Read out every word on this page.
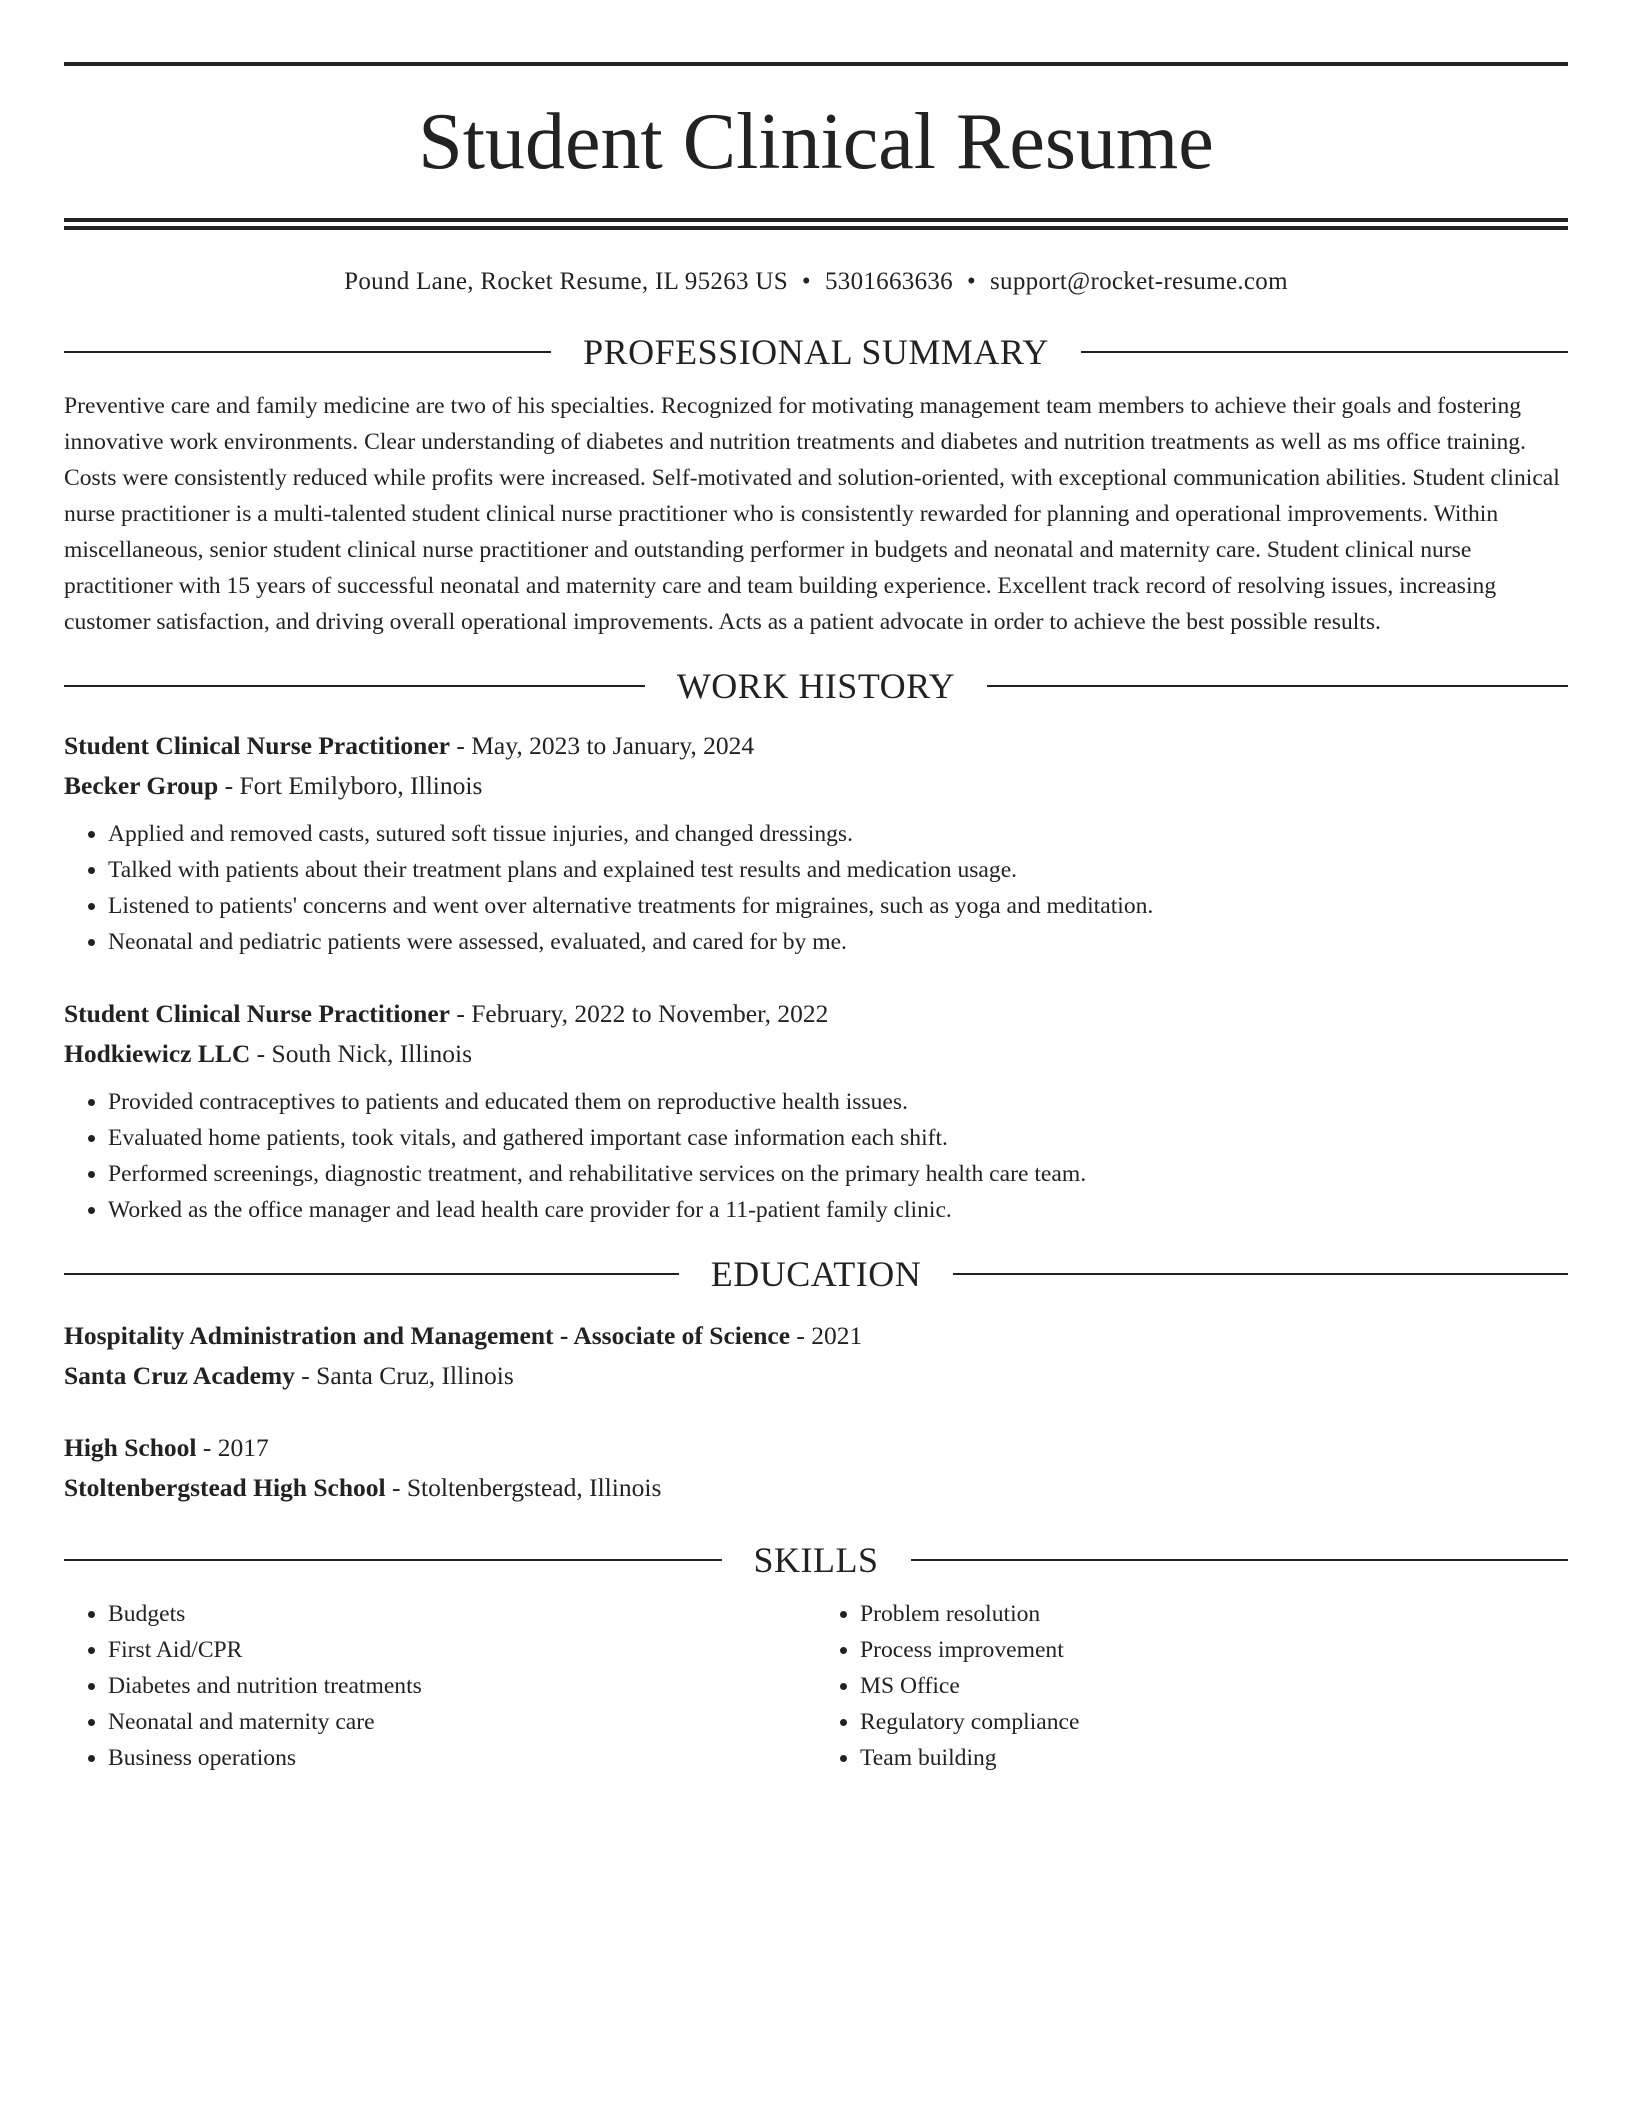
Student Clinical Resume
Pound Lane, Rocket Resume, IL 95263 US • 5301663636 • support@rocket-resume.com
PROFESSIONAL SUMMARY

Preventive care and family medicine are two of his specialties. Recognized for motivating management team members to achieve their goals and fostering innovative work environments. Clear understanding of diabetes and nutrition treatments and diabetes and nutrition treatments as well as ms office training. Costs were consistently reduced while profits were increased. Self-motivated and solution-oriented, with exceptional communication abilities. Student clinical nurse practitioner is a multi-talented student clinical nurse practitioner who is consistently rewarded for planning and operational improvements. Within miscellaneous, senior student clinical nurse practitioner and outstanding performer in budgets and neonatal and maternity care. Student clinical nurse practitioner with 15 years of successful neonatal and maternity care and team building experience. Excellent track record of resolving issues, increasing customer satisfaction, and driving overall operational improvements. Acts as a patient advocate in order to achieve the best possible results.

WORK HISTORY
Student Clinical Nurse Practitioner - May, 2023 to January, 2024
Becker Group - Fort Emilyboro, Illinois
• Applied and removed casts, sutured soft tissue injuries, and changed dressings.
• Talked with patients about their treatment plans and explained test results and medication usage.
• Listened to patients' concerns and went over alternative treatments for migraines, such as yoga and meditation.
• Neonatal and pediatric patients were assessed, evaluated, and cared for by me.
Student Clinical Nurse Practitioner - February, 2022 to November, 2022
Hodkiewicz LLC - South Nick, Illinois
• Provided contraceptives to patients and educated them on reproductive health issues.
• Evaluated home patients, took vitals, and gathered important case information each shift.
• Performed screenings, diagnostic treatment, and rehabilitative services on the primary health care team.
• Worked as the office manager and lead health care provider for a 11-patient family clinic.
EDUCATION
Hospitality Administration and Management - Associate of Science - 2021
Santa Cruz Academy - Santa Cruz, Illinois
High School - 2017
Stoltenbergstead High School - Stoltenbergstead, Illinois
SKILLS
• Budgets
• First Aid/CPR
• Diabetes and nutrition treatments
• Neonatal and maternity care
• Business operations
• Problem resolution
• Process improvement
• MS Office
• Regulatory compliance
• Team building
